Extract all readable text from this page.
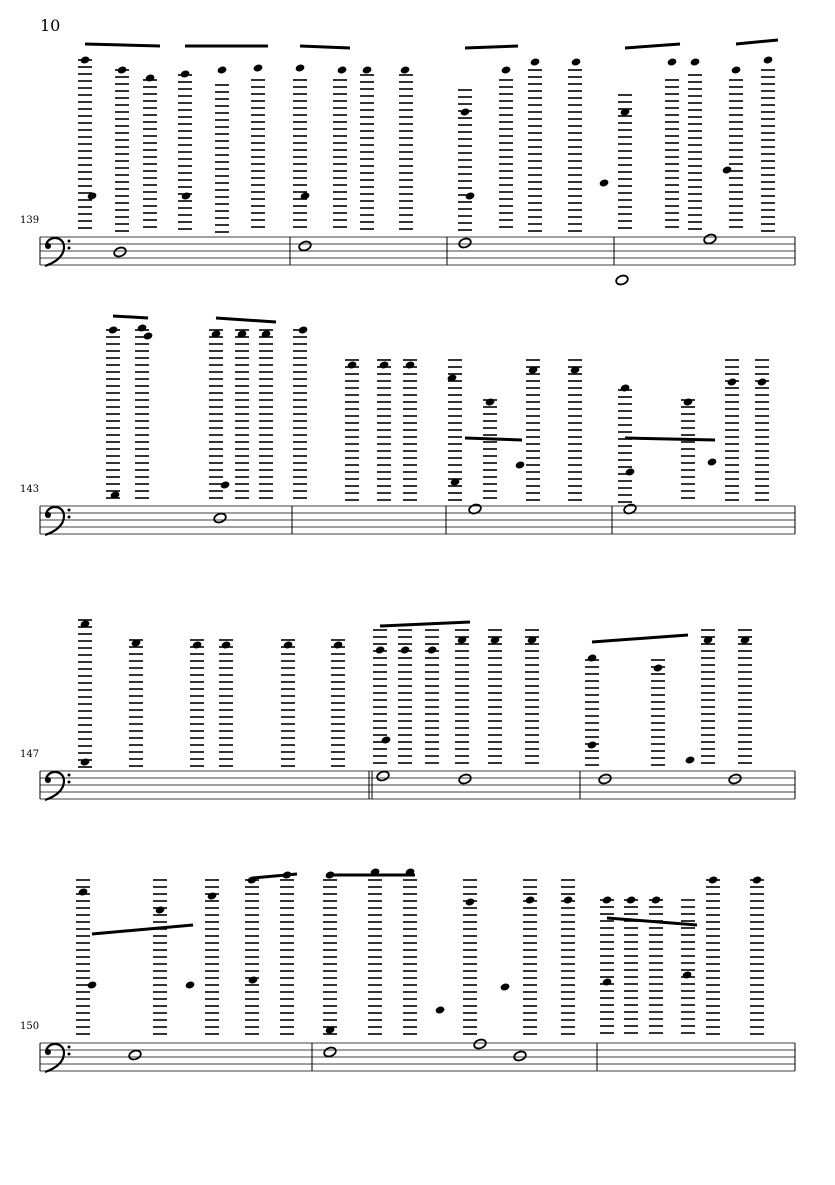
10
139
143
147
150
